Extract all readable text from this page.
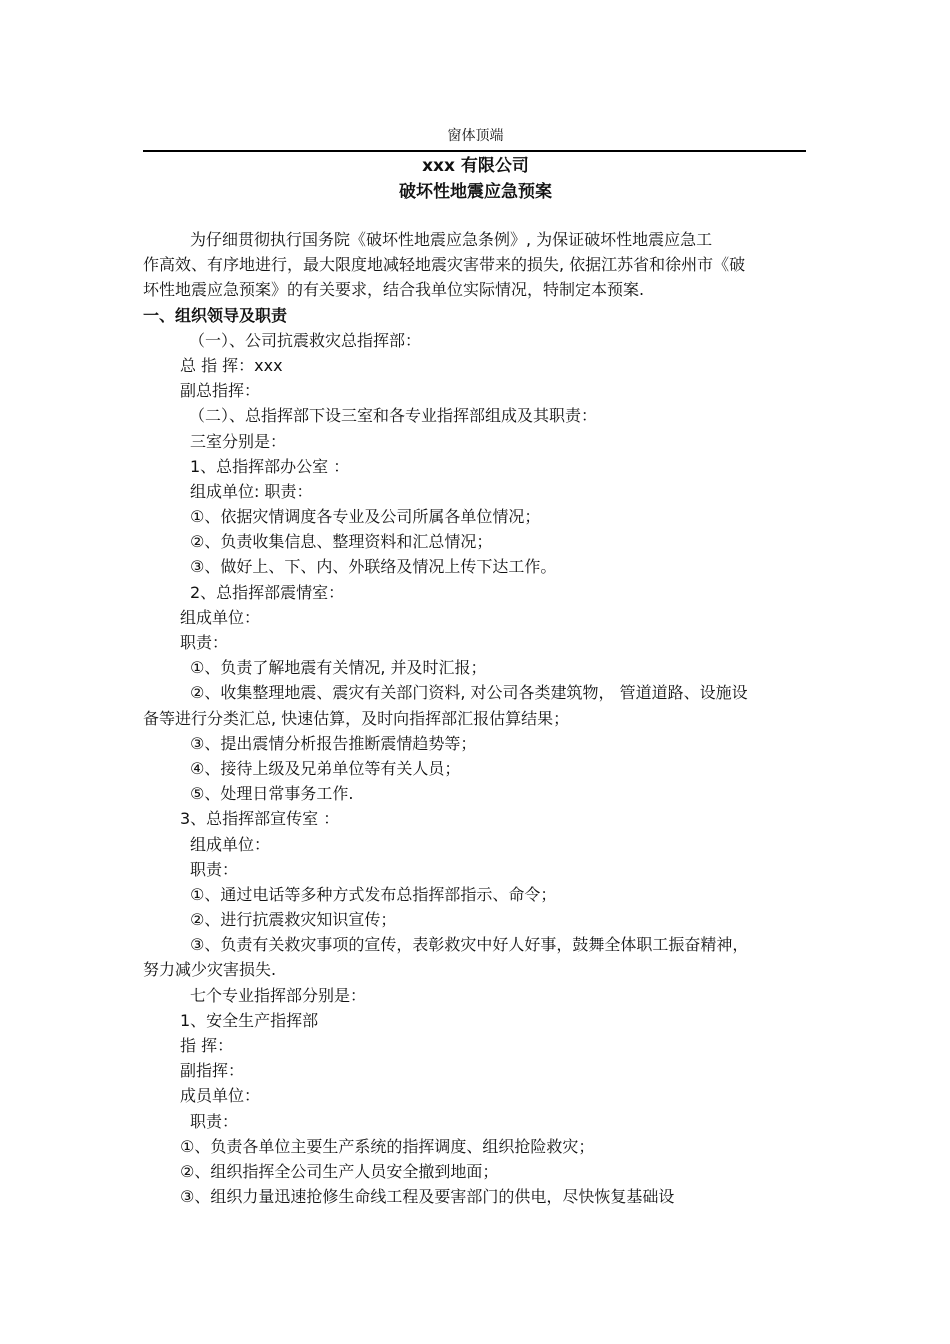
窗体顶端
xxx 有限公司
破坏性地震应急预案
为仔细贯彻执行国务院《破坏性地震应急条例》, 为保证破坏性地震应急工
作高效、有序地进行，最大限度地减轻地震灾害带来的损失, 依据江苏省和徐州市《破
坏性地震应急预案》的有关要求，结合我单位实际情况，特制定本预案.
一、组织领导及职责
（一）、公司抗震救灾总指挥部：
总 指 挥：xxx
副总指挥：
（二）、总指挥部下设三室和各专业指挥部组成及其职责：
三室分别是：
1、总指挥部办公室 ：
组成单位: 职责：
①、依据灾情调度各专业及公司所属各单位情况；
②、负责收集信息、整理资料和汇总情况；
③、做好上、下、内、外联络及情况上传下达工作。
2、总指挥部震情室：
组成单位：
职责：
①、负责了解地震有关情况, 并及时汇报；
②、收集整理地震、震灾有关部门资料, 对公司各类建筑物， 管道道路、设施设
备等进行分类汇总, 快速估算，及时向指挥部汇报估算结果；
③、提出震情分析报告推断震情趋势等；
④、接待上级及兄弟单位等有关人员；
⑤、处理日常事务工作.
3、总指挥部宣传室 ：
组成单位：
职责：
①、通过电话等多种方式发布总指挥部指示、命令；
②、进行抗震救灾知识宣传；
③、负责有关救灾事项的宣传，表彰救灾中好人好事，鼓舞全体职工振奋精神，
努力减少灾害损失.
七个专业指挥部分别是：
1、安全生产指挥部
指 挥：
副指挥：
成员单位：
职责：
①、负责各单位主要生产系统的指挥调度、组织抢险救灾；
②、组织指挥全公司生产人员安全撤到地面；
③、组织力量迅速抢修生命线工程及要害部门的供电，尽快恢复基础设
